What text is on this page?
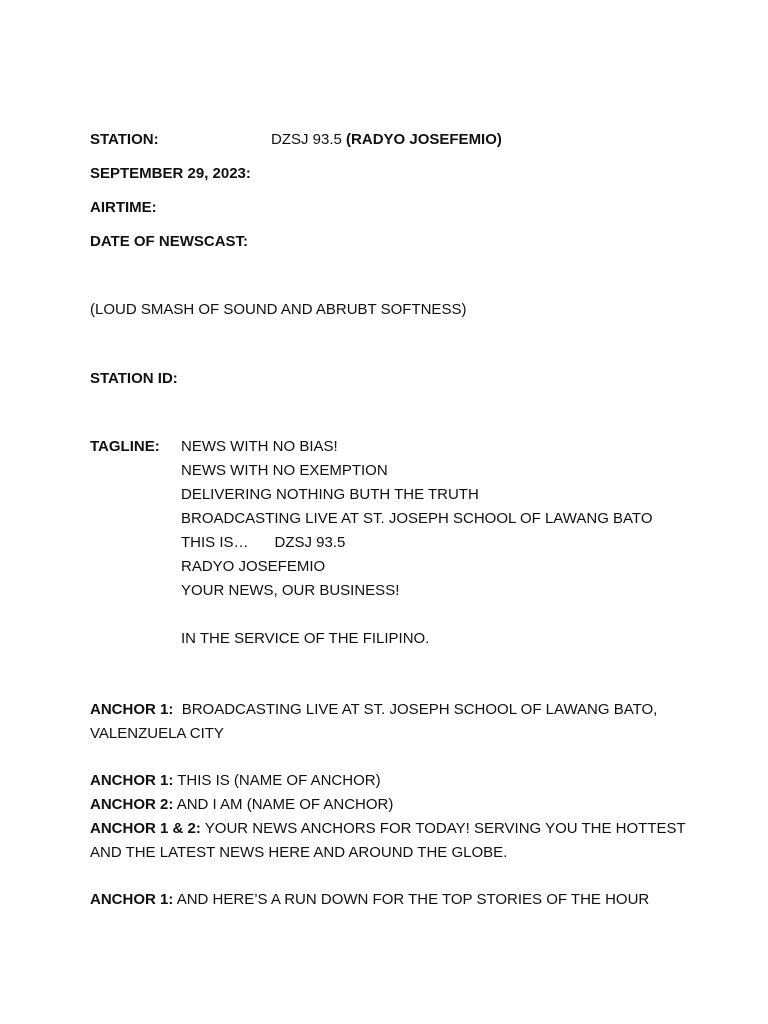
STATION:	DZSJ 93.5 (RADYO JOSEFEMIO)
SEPTEMBER 29, 2023:
AIRTIME:
DATE OF NEWSCAST:
(LOUD SMASH OF SOUND AND ABRUBT SOFTNESS)
STATION ID:
TAGLINE: NEWS WITH NO BIAS!
NEWS WITH NO EXEMPTION
DELIVERING NOTHING BUTH THE TRUTH
BROADCASTING LIVE AT ST. JOSEPH SCHOOL OF LAWANG BATO
THIS IS… DZSJ 93.5
RADYO JOSEFEMIO
YOUR NEWS, OUR BUSINESS!
IN THE SERVICE OF THE FILIPINO.
ANCHOR 1: BROADCASTING LIVE AT ST. JOSEPH SCHOOL OF LAWANG BATO,
VALENZUELA CITY
ANCHOR 1: THIS IS (NAME OF ANCHOR)
ANCHOR 2: AND I AM (NAME OF ANCHOR)
ANCHOR 1 & 2: YOUR NEWS ANCHORS FOR TODAY! SERVING YOU THE HOTTEST
AND THE LATEST NEWS HERE AND AROUND THE GLOBE.
ANCHOR 1: AND HERE’S A RUN DOWN FOR THE TOP STORIES OF THE HOUR
